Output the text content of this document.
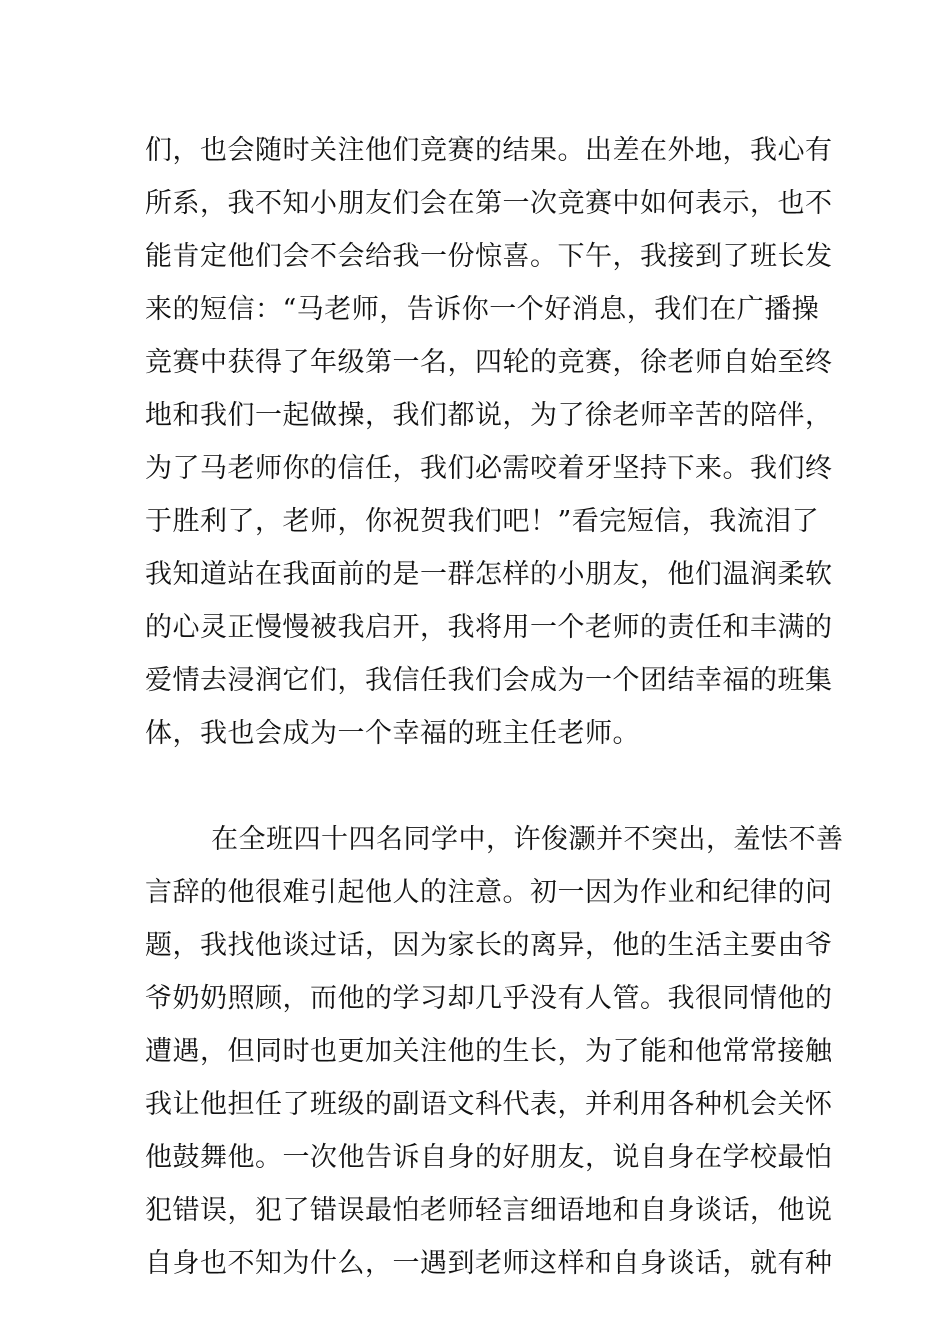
们，也会随时关注他们竞赛的结果。出差在外地，我心有
所系，我不知小朋友们会在第一次竞赛中如何表示，也不
能肯定他们会不会给我一份惊喜。下午，我接到了班长发
来的短信：“马老师，告诉你一个好消息，我们在广播操
竞赛中获得了年级第一名，四轮的竞赛，徐老师自始至终
地和我们一起做操，我们都说，为了徐老师辛苦的陪伴，
为了马老师你的信任，我们必需咬着牙坚持下来。我们终
于胜利了，老师，你祝贺我们吧！”看完短信，我流泪了
我知道站在我面前的是一群怎样的小朋友，他们温润柔软
的心灵正慢慢被我启开，我将用一个老师的责任和丰满的
爱情去浸润它们，我信任我们会成为一个团结幸福的班集
体，我也会成为一个幸福的班主任老师。
在全班四十四名同学中，许俊灏并不突出，羞怯不善
言辞的他很难引起他人的注意。初一因为作业和纪律的问
题，我找他谈过话，因为家长的离异，他的生活主要由爷
爷奶奶照顾，而他的学习却几乎没有人管。我很同情他的
遭遇，但同时也更加关注他的生长，为了能和他常常接触
我让他担任了班级的副语文科代表，并利用各种机会关怀
他鼓舞他。一次他告诉自身的好朋友，说自身在学校最怕
犯错误，犯了错误最怕老师轻言细语地和自身谈话，他说
自身也不知为什么，一遇到老师这样和自身谈话，就有种
